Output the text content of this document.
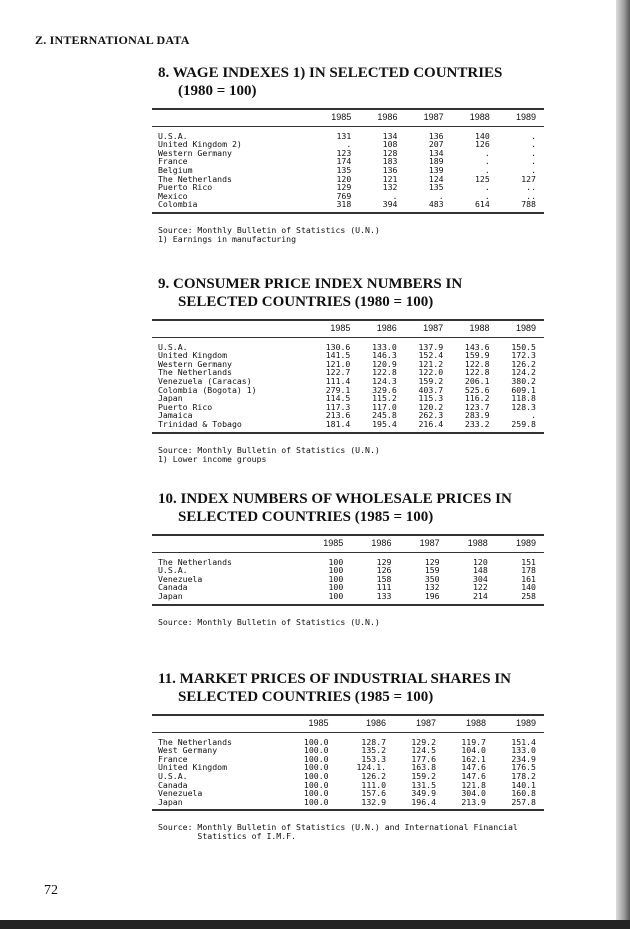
Z. INTERNATIONAL DATA
72
8. WAGE INDEXES 1) IN SELECTED COUNTRIES
(1980 = 100)
	1985	1986	1987	1988	1989
U.S.A.	131	134	136	140	.
United Kingdom 2)	.	108	207	126	.
Western Germany	123	128	134	.	.
France	174	183	189	.	.
Belgium	135	136	139	.	.
The Netherlands	120	121	124	125	127
Puerto Rico	129	132	135	.	..
Mexico	769	.	.	.	..
Colombia	318	394	483	614	788
Source: Monthly Bulletin of Statistics (U.N.)
1) Earnings in manufacturing
9. CONSUMER PRICE INDEX NUMBERS IN
SELECTED COUNTRIES (1980 = 100)
	1985	1986	1987	1988	1989
U.S.A.	130.6	133.0	137.9	143.6	150.5
United Kingdom	141.5	146.3	152.4	159.9	172.3
Western Germany	121.0	120.9	121.2	122.8	126.2
The Netherlands	122.7	122.8	122.0	122.8	124.2
Venezuela (Caracas)	111.4	124.3	159.2	206.1	380.2
Colombia (Bogota) 1)	279.1	329.6	403.7	525.6	609.1
Japan	114.5	115.2	115.3	116.2	118.8
Puerto Rico	117.3	117.0	120.2	123.7	128.3
Jamaica	213.6	245.8	262.3	283.9	.
Trinidad & Tobago	181.4	195.4	216.4	233.2	259.8
Source: Monthly Bulletin of Statistics (U.N.)
1) Lower income groups
10. INDEX NUMBERS OF WHOLESALE PRICES IN
SELECTED COUNTRIES (1985 = 100)
	1985	1986	1987	1988	1989
The Netherlands	100	129	129	120	151
U.S.A.	100	126	159	148	178
Venezuela	100	158	350	304	161
Canada	100	111	132	122	140
Japan	100	133	196	214	258
Source: Monthly Bulletin of Statistics (U.N.)
11. MARKET PRICES OF INDUSTRIAL SHARES IN
SELECTED COUNTRIES (1985 = 100)
	1985	1986	1987	1988	1989
The Netherlands	100.0	128.7	129.2	119.7	151.4
West Germany	100.0	135.2	124.5	104.0	133.0
France	100.0	153.3	177.6	162.1	234.9
United Kingdom	100.0	124.1.	163.8	147.6	176.5
U.S.A.	100.0	126.2	159.2	147.6	178.2
Canada	100.0	111.0	131.5	121.8	140.1
Venezuela	100.0	157.6	349.9	304.0	160.8
Japan	100.0	132.9	196.4	213.9	257.8
Source: Monthly Bulletin of Statistics (U.N.) and International Financial
Statistics of I.M.F.
